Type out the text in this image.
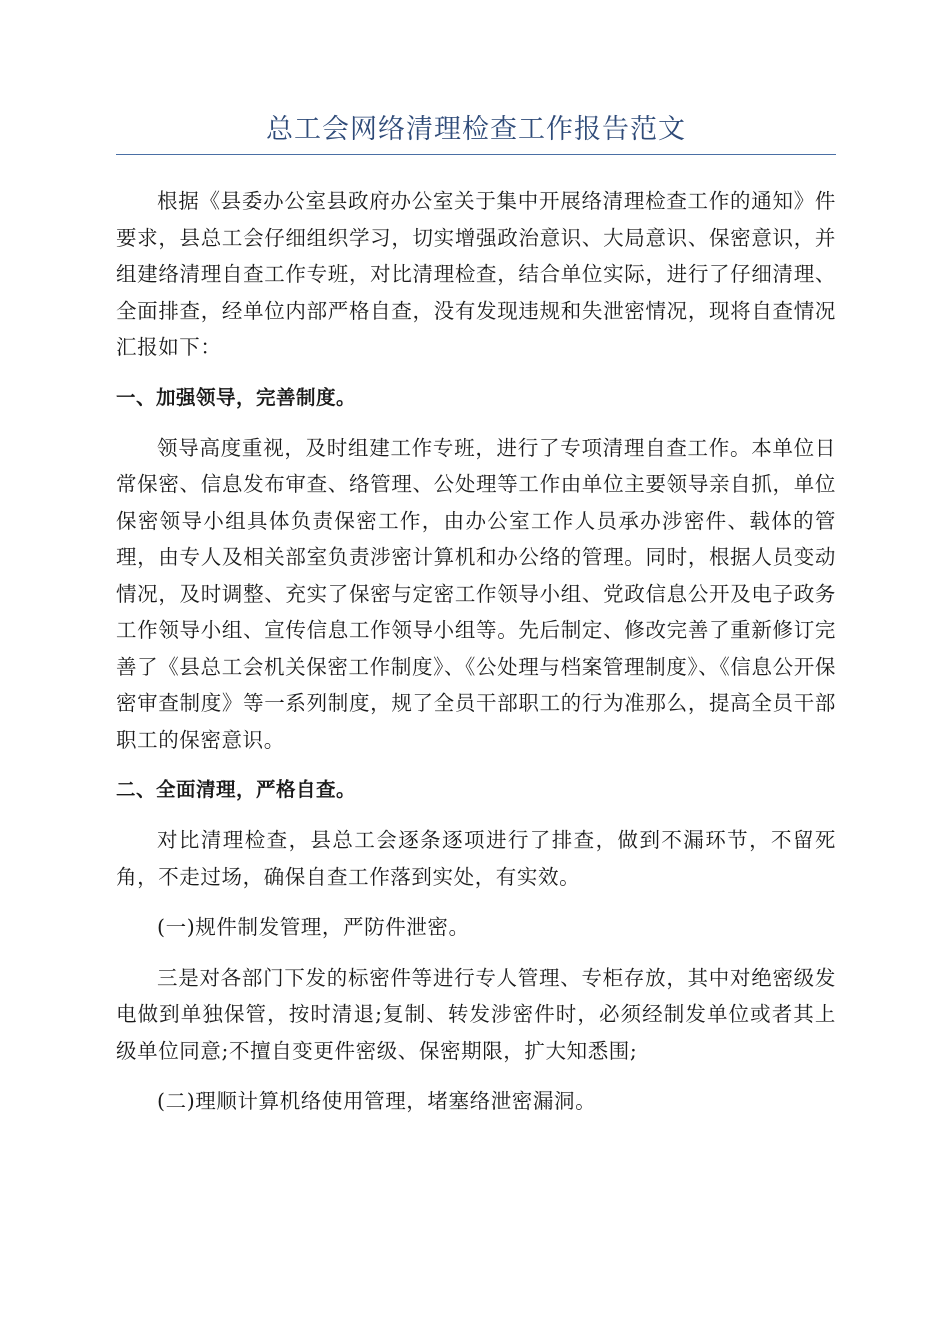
总工会网络清理检查工作报告范文

根据《县委办公室县政府办公室关于集中开展络清理检查工作的通知》件要求，县总工会仔细组织学习，切实增强政治意识、大局意识、保密意识，并组建络清理自查工作专班，对比清理检查，结合单位实际，进行了仔细清理、全面排查，经单位内部严格自查，没有发现违规和失泄密情况，现将自查情况汇报如下：

一、加强领导，完善制度。

领导高度重视，及时组建工作专班，进行了专项清理自查工作。本单位日常保密、信息发布审查、络管理、公处理等工作由单位主要领导亲自抓，单位保密领导小组具体负责保密工作，由办公室工作人员承办涉密件、载体的管理，由专人及相关部室负责涉密计算机和办公络的管理。同时，根据人员变动情况，及时调整、充实了保密与定密工作领导小组、党政信息公开及电子政务工作领导小组、宣传信息工作领导小组等。先后制定、修改完善了重新修订完善了《县总工会机关保密工作制度》、《公处理与档案管理制度》、《信息公开保密审查制度》等一系列制度，规了全员干部职工的行为准那么，提高全员干部职工的保密意识。

二、全面清理，严格自查。

对比清理检查，县总工会逐条逐项进行了排查，做到不漏环节，不留死角，不走过场，确保自查工作落到实处，有实效。

(一)规件制发管理，严防件泄密。

三是对各部门下发的标密件等进行专人管理、专柜存放，其中对绝密级发电做到单独保管，按时清退;复制、转发涉密件时，必须经制发单位或者其上级单位同意;不擅自变更件密级、保密期限，扩大知悉围;

(二)理顺计算机络使用管理，堵塞络泄密漏洞。
